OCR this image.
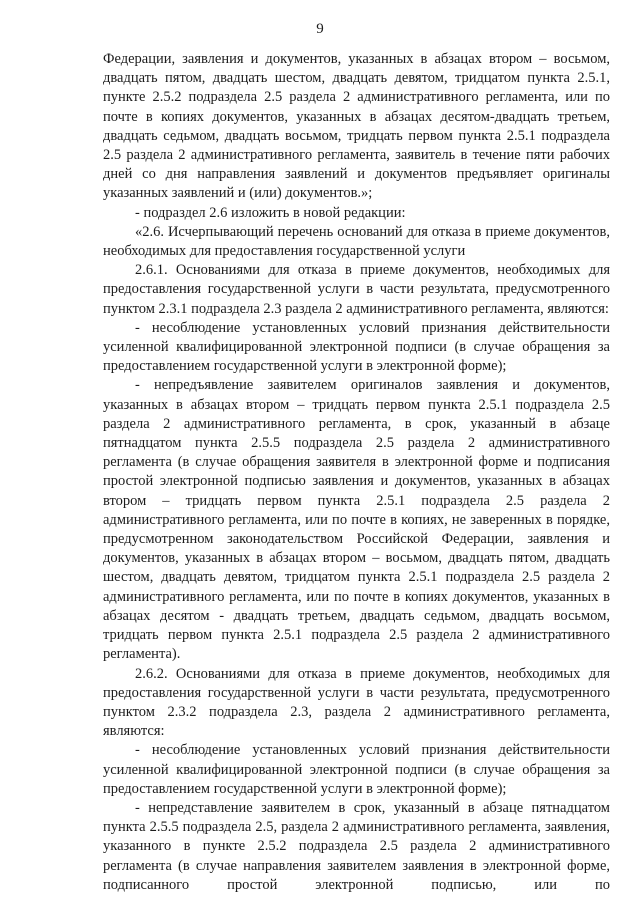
9

Федерации, заявления и документов, указанных в абзацах втором – восьмом, двадцать пятом, двадцать шестом, двадцать девятом, тридцатом пункта 2.5.1, пункте 2.5.2 подраздела 2.5 раздела 2 административного регламента, или по почте в копиях документов, указанных в абзацах десятом-двадцать третьем, двадцать седьмом, двадцать восьмом, тридцать первом пункта 2.5.1 подраздела 2.5 раздела 2 административного регламента, заявитель в течение пяти рабочих дней со дня направления заявлений и документов предъявляет оригиналы указанных заявлений и (или) документов.»;

- подраздел 2.6 изложить в новой редакции:

«2.6. Исчерпывающий перечень оснований для отказа в приеме документов, необходимых для предоставления государственной услуги

2.6.1. Основаниями для отказа в приеме документов, необходимых для предоставления государственной услуги в части результата, предусмотренного пунктом 2.3.1 подраздела 2.3 раздела 2 административного регламента, являются:

- несоблюдение установленных условий признания действительности усиленной квалифицированной электронной подписи (в случае обращения за предоставлением государственной услуги в электронной форме);

- непредъявление заявителем оригиналов заявления и документов, указанных в абзацах втором – тридцать первом пункта 2.5.1 подраздела 2.5 раздела 2 административного регламента, в срок, указанный в абзаце пятнадцатом пункта 2.5.5 подраздела 2.5 раздела 2 административного регламента (в случае обращения заявителя в электронной форме и подписания простой электронной подписью заявления и документов, указанных в абзацах втором – тридцать первом пункта 2.5.1 подраздела 2.5 раздела 2 административного регламента, или по почте в копиях, не заверенных в порядке, предусмотренном законодательством Российской Федерации, заявления и документов, указанных в абзацах втором – восьмом, двадцать пятом, двадцать шестом, двадцать девятом, тридцатом пункта 2.5.1 подраздела 2.5 раздела 2 административного регламента, или по почте в копиях документов, указанных в абзацах десятом - двадцать третьем, двадцать седьмом, двадцать восьмом, тридцать первом пункта 2.5.1 подраздела 2.5 раздела 2 административного регламента).

2.6.2. Основаниями для отказа в приеме документов, необходимых для предоставления государственной услуги в части результата, предусмотренного пунктом 2.3.2 подраздела 2.3, раздела 2 административного регламента, являются:

- несоблюдение установленных условий признания действительности усиленной квалифицированной электронной подписи (в случае обращения за предоставлением государственной услуги в электронной форме);

- непредставление заявителем в срок, указанный в абзаце пятнадцатом пункта 2.5.5 подраздела 2.5, раздела 2 административного регламента, заявления, указанного в пункте 2.5.2 подраздела 2.5 раздела 2 административного регламента (в случае направления заявителем заявления в электронной форме, подписанного простой электронной подписью, или по
